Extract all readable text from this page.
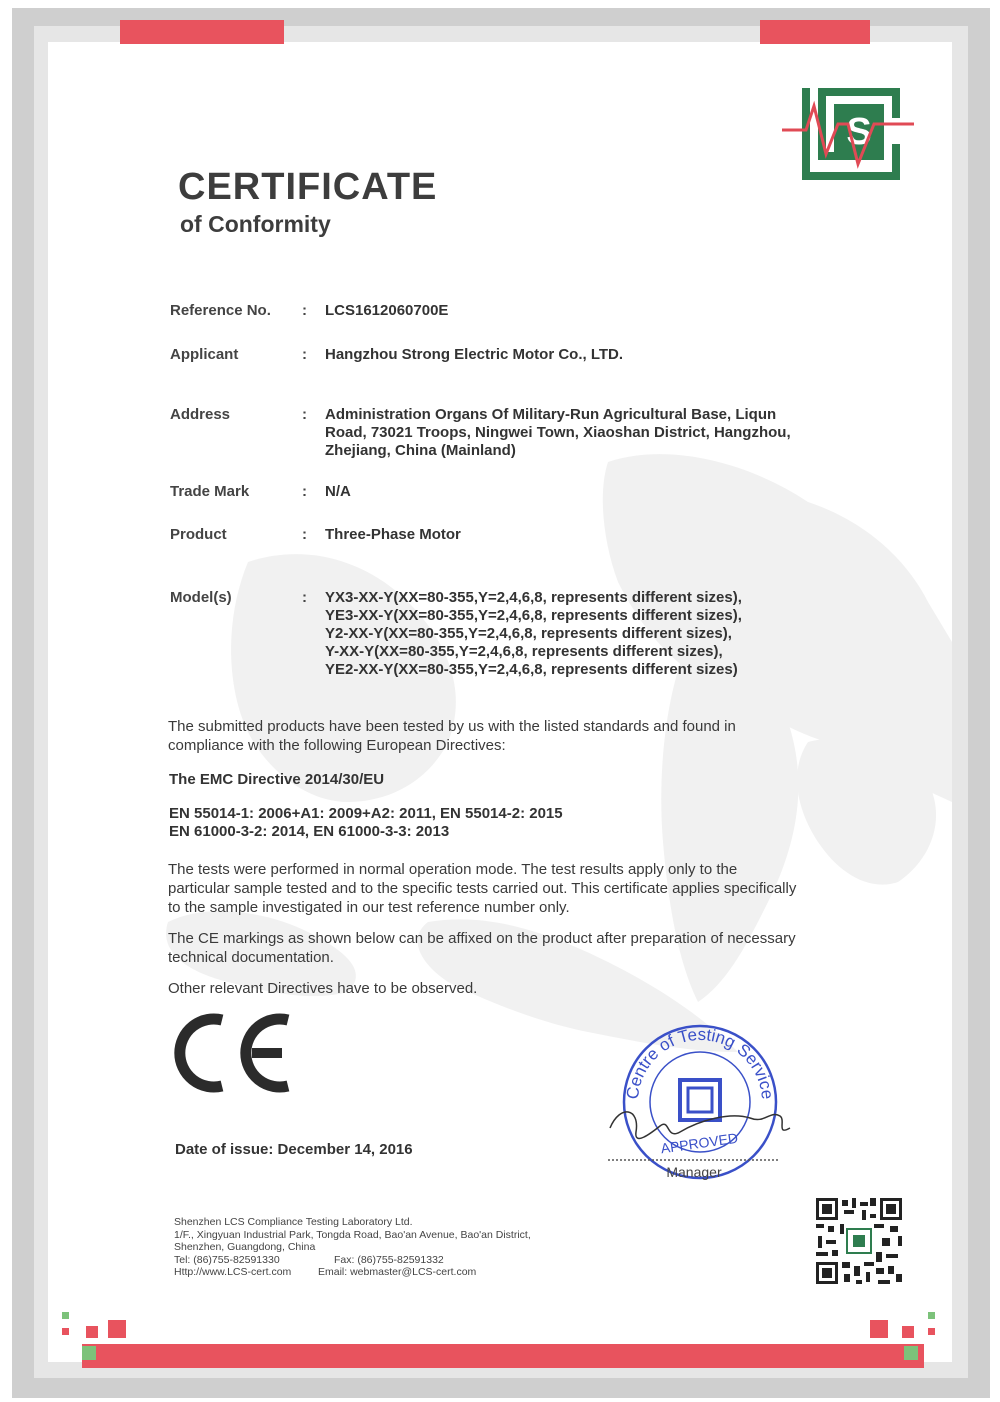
S
CERTIFICATE
of Conformity
Reference No. : LCS1612060700E
Applicant	: Hangzhou Strong Electric Motor Co., LTD.
Address	: Administration Organs Of Military-Run Agricultural Base, Liqun
Road, 73021 Troops, Ningwei Town, Xiaoshan District, Hangzhou,
Zhejiang, China (Mainland)
Trade Mark	: N/A
Product	: Three-Phase Motor
Model(s)	: YX3-XX-Y(XX=80-355,Y=2,4,6,8, represents different sizes),
YE3-XX-Y(XX=80-355,Y=2,4,6,8, represents different sizes),
Y2-XX-Y(XX=80-355,Y=2,4,6,8, represents different sizes),
Y-XX-Y(XX=80-355,Y=2,4,6,8, represents different sizes),
YE2-XX-Y(XX=80-355,Y=2,4,6,8, represents different sizes)

The submitted products have been tested by us with the listed standards and found in compliance with the following European Directives:

The EMC Directive 2014/30/EU
EN 55014-1: 2006+A1: 2009+A2: 2011, EN 55014-2: 2015
EN 61000-3-2: 2014, EN 61000-3-3: 2013

The tests were performed in normal operation mode. The test results apply only to the particular sample tested and to the specific tests carried out. This certificate applies specifically to the sample investigated in our test reference number only.

The CE markings as shown below can be affixed on the product after preparation of necessary technical documentation.

Other relevant Directives have to be observed.

Centre of Testing Service
APPROVED
Manager
Date of issue: December 14, 2016
Shenzhen LCS Compliance Testing Laboratory Ltd.
1/F., Xingyuan Industrial Park, Tongda Road, Bao'an Avenue, Bao'an District,
Shenzhen, Guangdong, China
Tel: (86)755-82591330	Fax: (86)755-82591332
Http://www.LCS-cert.com	Email: webmaster@LCS-cert.com
